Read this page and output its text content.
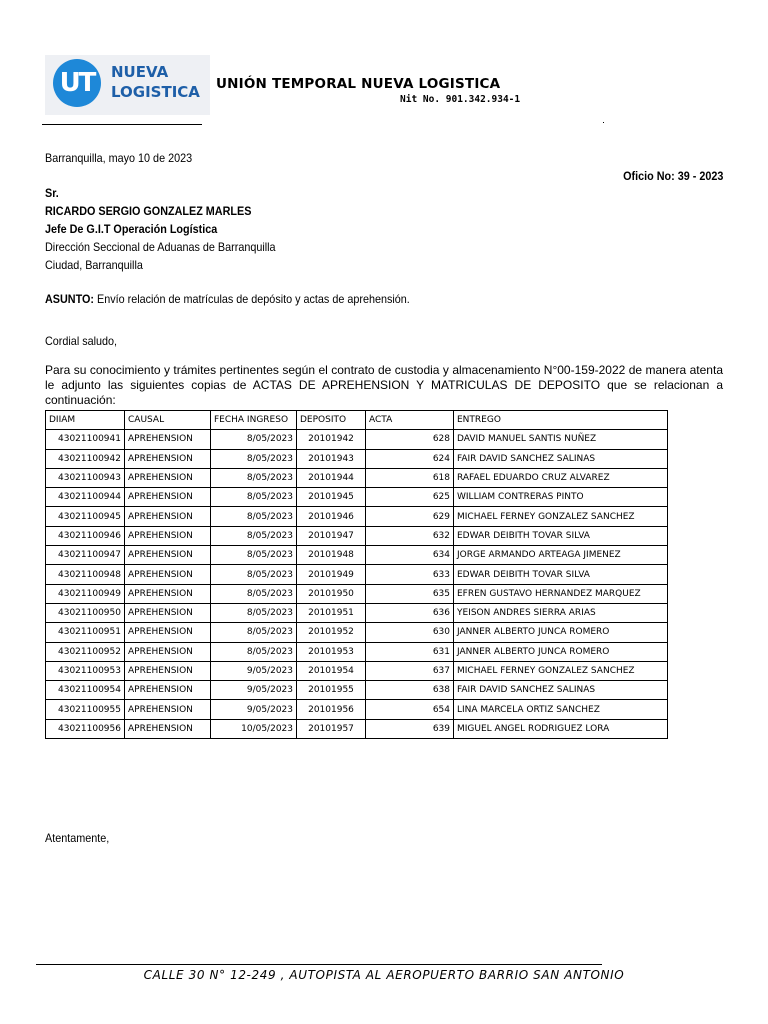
UT	NUEVA
LOGISTICA UNIÓN TEMPORAL NUEVA LOGISTICA
Nit No. 901.342.934-1
Barranquilla, mayo 10 de 2023
Oficio No: 39 - 2023
Sr.
RICARDO SERGIO GONZALEZ MARLES
Jefe De G.I.T Operación Logística
Dirección Seccional de Aduanas de Barranquilla
Ciudad, Barranquilla
ASUNTO: Envío relación de matrículas de depósito y actas de aprehensión.
Cordial saludo,
Para su conocimiento y trámites pertinentes según el contrato de custodia y almacenamiento N°00-159-2022 de manera atenta le adjunto las siguientes copias de ACTAS DE APREHENSION Y MATRICULAS DE DEPOSITO que se relacionan a continuación:
DIIAM	CAUSAL	FECHA INGRESO	DEPOSITO	ACTA	ENTREGO
43021100941	APREHENSION	8/05/2023	20101942	628	DAVID MANUEL SANTIS NUÑEZ
43021100942	APREHENSION	8/05/2023	20101943	624	FAIR DAVID SANCHEZ SALINAS
43021100943	APREHENSION	8/05/2023	20101944	618	RAFAEL EDUARDO CRUZ ALVAREZ
43021100944	APREHENSION	8/05/2023	20101945	625	WILLIAM CONTRERAS PINTO
43021100945	APREHENSION	8/05/2023	20101946	629	MICHAEL FERNEY GONZALEZ SANCHEZ
43021100946	APREHENSION	8/05/2023	20101947	632	EDWAR DEIBITH TOVAR SILVA
43021100947	APREHENSION	8/05/2023	20101948	634	JORGE ARMANDO ARTEAGA JIMENEZ
43021100948	APREHENSION	8/05/2023	20101949	633	EDWAR DEIBITH TOVAR SILVA
43021100949	APREHENSION	8/05/2023	20101950	635	EFREN GUSTAVO HERNANDEZ MARQUEZ
43021100950	APREHENSION	8/05/2023	20101951	636	YEISON ANDRES SIERRA ARIAS
43021100951	APREHENSION	8/05/2023	20101952	630	JANNER ALBERTO JUNCA ROMERO
43021100952	APREHENSION	8/05/2023	20101953	631	JANNER ALBERTO JUNCA ROMERO
43021100953	APREHENSION	9/05/2023	20101954	637	MICHAEL FERNEY GONZALEZ SANCHEZ
43021100954	APREHENSION	9/05/2023	20101955	638	FAIR DAVID SANCHEZ SALINAS
43021100955	APREHENSION	9/05/2023	20101956	654	LINA MARCELA ORTIZ SANCHEZ
43021100956	APREHENSION	10/05/2023	20101957	639	MIGUEL ANGEL RODRIGUEZ LORA
Atentamente,
CALLE 30 N° 12-249 , AUTOPISTA AL AEROPUERTO BARRIO SAN ANTONIO
